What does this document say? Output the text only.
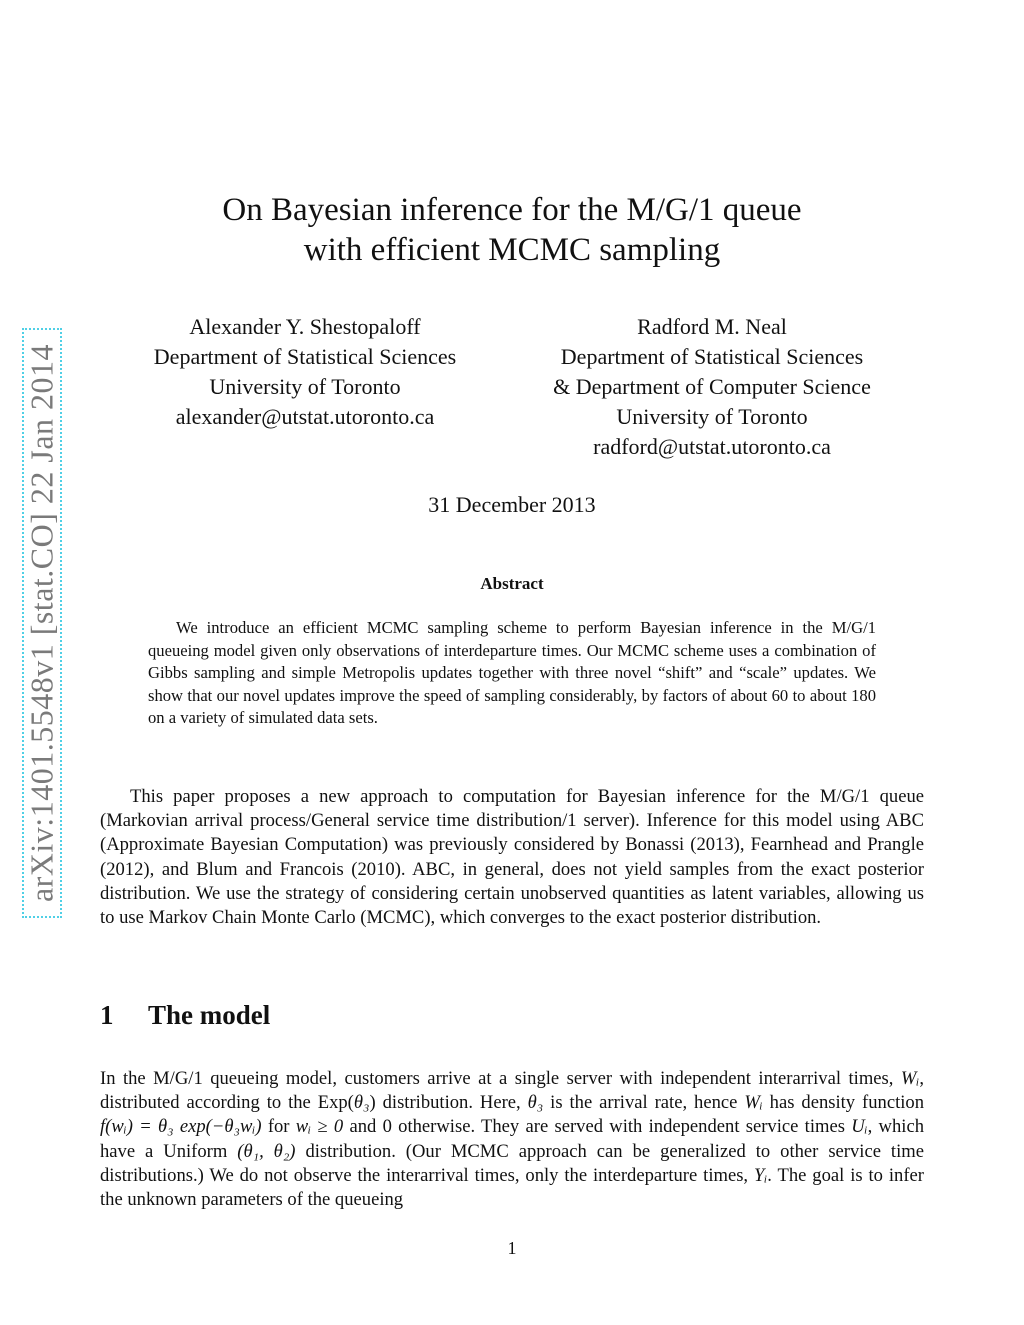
arXiv:1401.5548v1 [stat.CO] 22 Jan 2014
On Bayesian inference for the M/G/1 queue
with efficient MCMC sampling
Alexander Y. Shestopaloff
Department of Statistical Sciences
University of Toronto
alexander@utstat.utoronto.ca
Radford M. Neal
Department of Statistical Sciences
& Department of Computer Science
University of Toronto
radford@utstat.utoronto.ca
31 December 2013
Abstract
We introduce an efficient MCMC sampling scheme to perform Bayesian inference in the M/G/1 queueing model given only observations of interdeparture times. Our MCMC scheme uses a combination of Gibbs sampling and simple Metropolis updates together with three novel “shift” and “scale” updates. We show that our novel updates improve the speed of sampling considerably, by factors of about 60 to about 180 on a variety of simulated data sets.
This paper proposes a new approach to computation for Bayesian inference for the M/G/1 queue (Markovian arrival process/General service time distribution/1 server). Inference for this model using ABC (Approximate Bayesian Computation) was previously considered by Bonassi (2013), Fearnhead and Prangle (2012), and Blum and Francois (2010). ABC, in general, does not yield samples from the exact posterior distribution. We use the strategy of considering certain unobserved quantities as latent variables, allowing us to use Markov Chain Monte Carlo (MCMC), which converges to the exact posterior distribution.
1 The model
In the M/G/1 queueing model, customers arrive at a single server with independent interarrival times, Wᵢ, distributed according to the Exp(θ₃) distribution. Here, θ₃ is the arrival rate, hence Wᵢ has density function f(wᵢ) = θ₃ exp(−θ₃wᵢ) for wᵢ ≥ 0 and 0 otherwise. They are served with independent service times Uᵢ, which have a Uniform (θ₁, θ₂) distribution. (Our MCMC approach can be generalized to other service time distributions.) We do not observe the interarrival times, only the interdeparture times, Yᵢ. The goal is to infer the unknown parameters of the queueing
1
